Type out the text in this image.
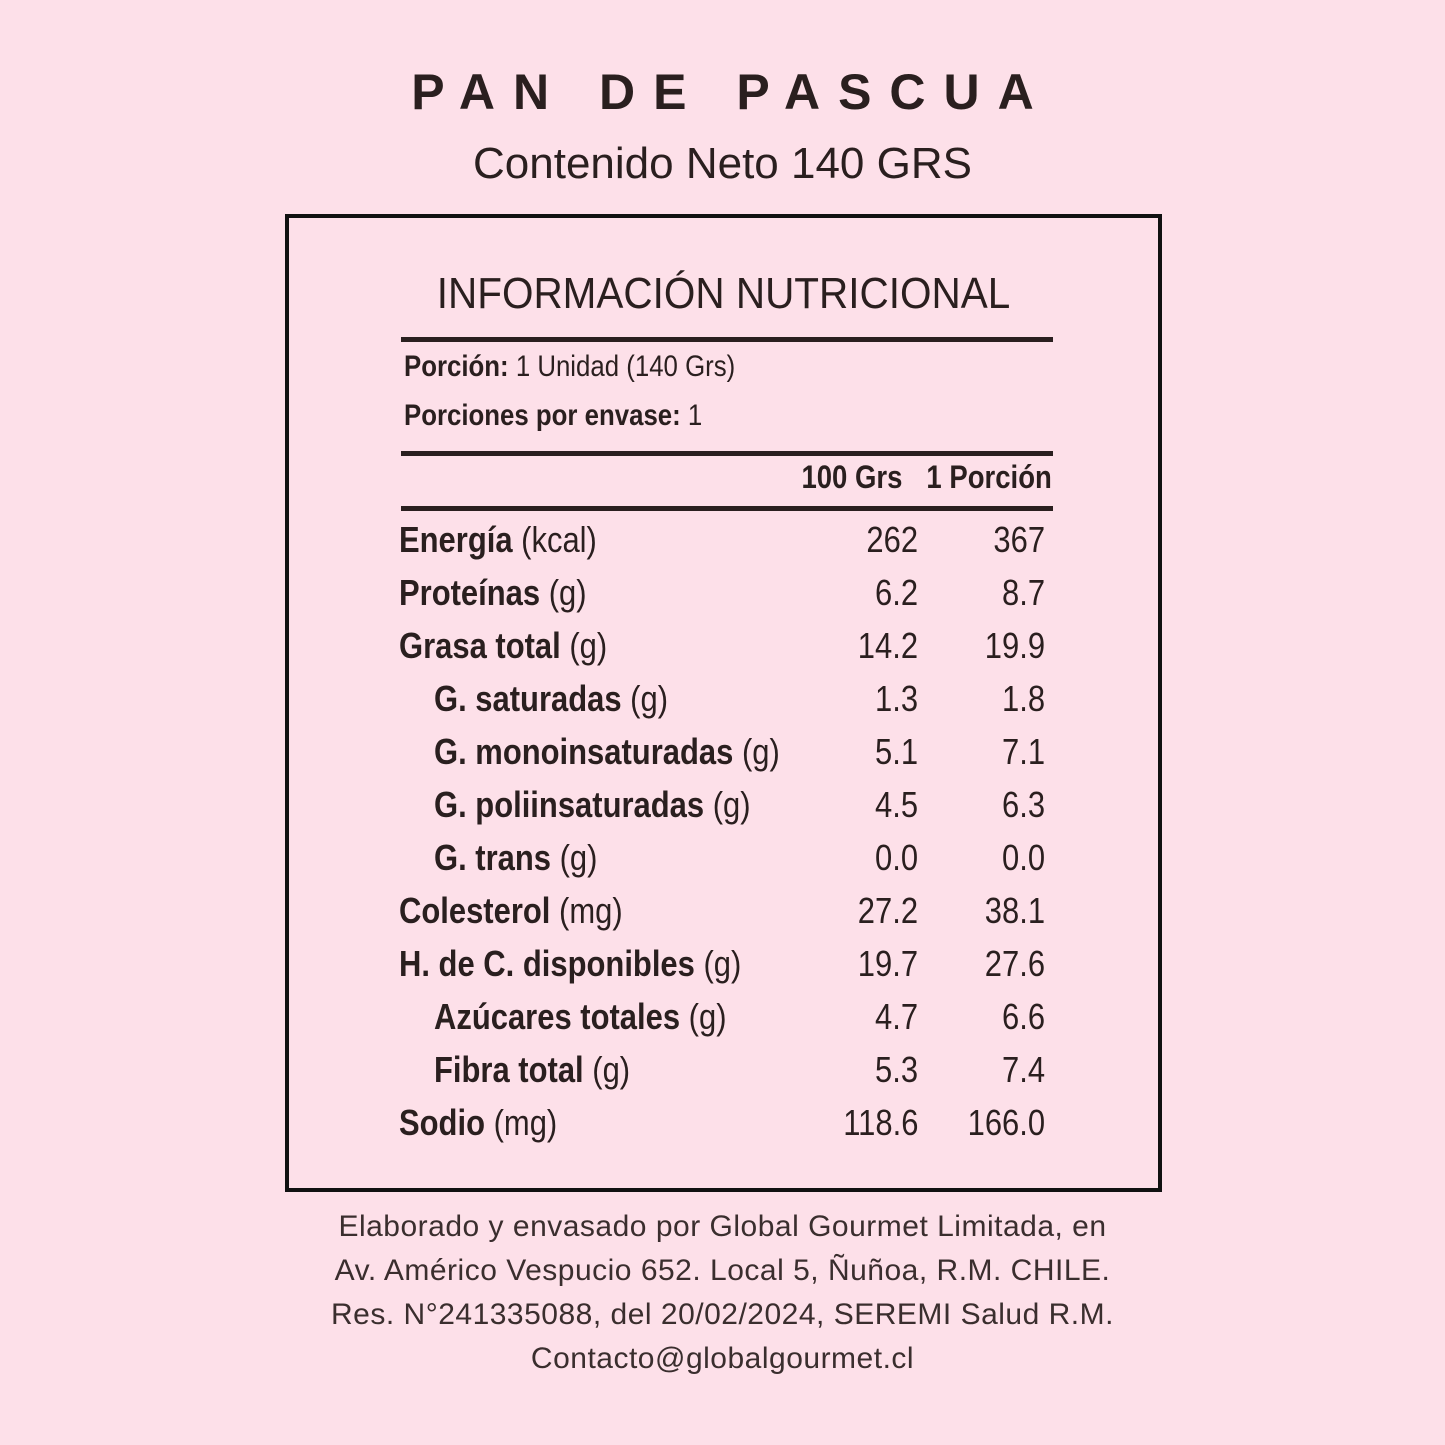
PAN DE PASCUA
Contenido Neto 140 GRS
INFORMACIÓN NUTRICIONAL
Porción: 1 Unidad (140 Grs)
Porciones por envase: 1
100 Grs 1 Porción
Energía (kcal)	262 367
Proteínas (g)	6.2 8.7
Grasa total (g)	14.2 19.9
G. saturadas (g)	1.3 1.8
G. monoinsaturadas (g)	5.1 7.1
G. poliinsaturadas (g)	4.5 6.3
G. trans (g)	0.0 0.0
Colesterol (mg)	27.2 38.1
H. de C. disponibles (g)	19.7 27.6
Azúcares totales (g)	4.7 6.6
Fibra total (g)	5.3 7.4
Sodio (mg)	118.6 166.0
Elaborado y envasado por Global Gourmet Limitada, en
Av. Américo Vespucio 652. Local 5, Ñuñoa, R.M. CHILE.
Res. N°241335088, del 20/02/2024, SEREMI Salud R.M.
Contacto@globalgourmet.cl
